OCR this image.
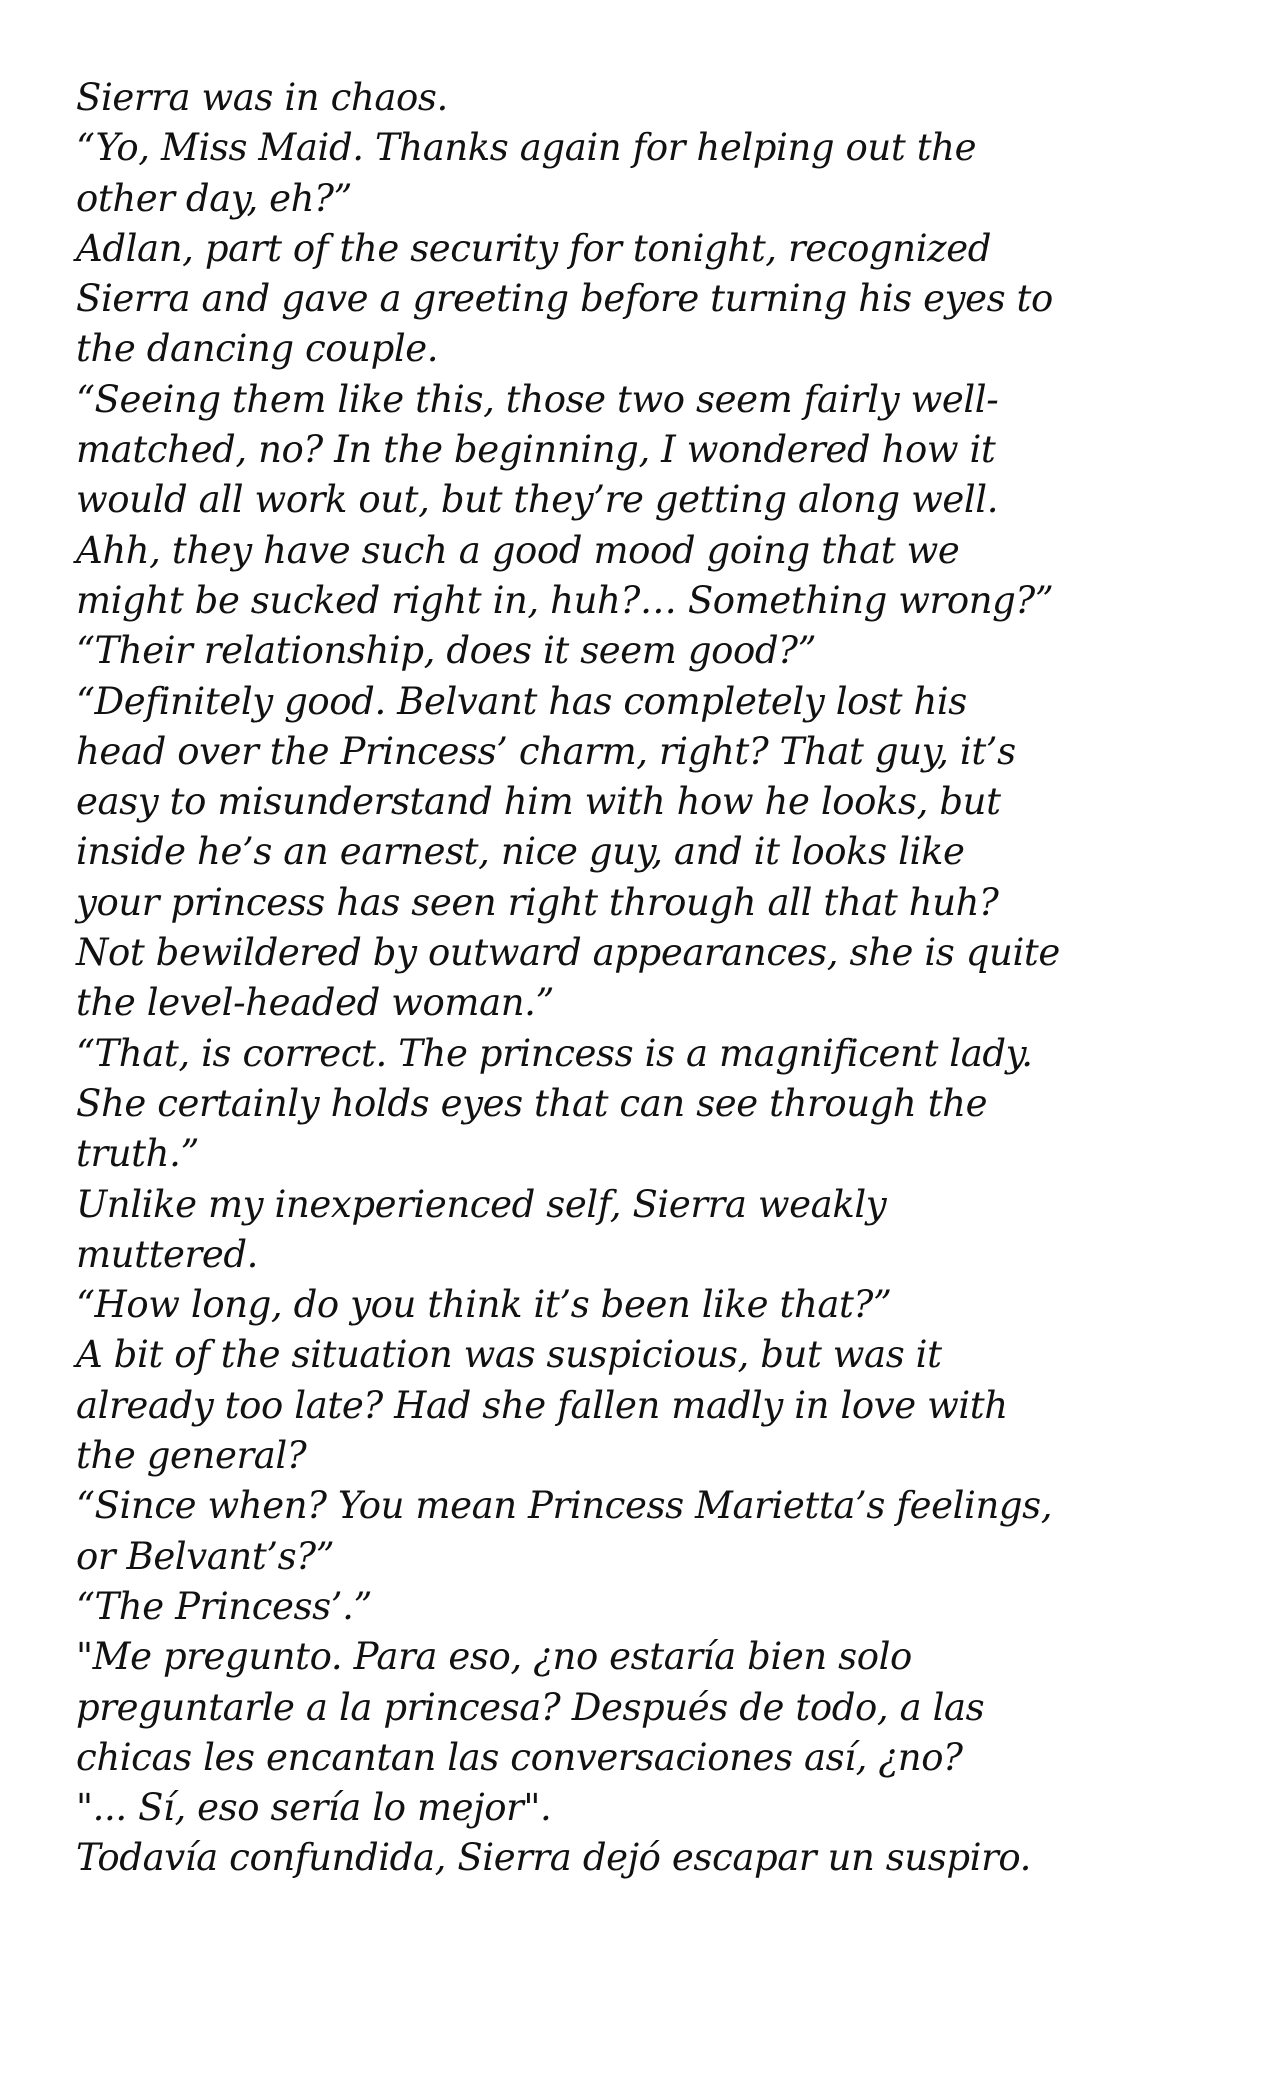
Sierra was in chaos.
“Yo, Miss Maid. Thanks again for helping out the
other day, eh?”
Adlan, part of the security for tonight, recognized
Sierra and gave a greeting before turning his eyes to
the dancing couple.
“Seeing them like this, those two seem fairly well-
matched, no? In the beginning, I wondered how it
would all work out, but they’re getting along well.
Ahh, they have such a good mood going that we
might be sucked right in, huh?… Something wrong?”
“Their relationship, does it seem good?”
“Definitely good. Belvant has completely lost his
head over the Princess’ charm, right? That guy, it’s
easy to misunderstand him with how he looks, but
inside he’s an earnest, nice guy, and it looks like
your princess has seen right through all that huh?
Not bewildered by outward appearances, she is quite
the level-headed woman.”
“That, is correct. The princess is a magnificent lady.
She certainly holds eyes that can see through the
truth.”
Unlike my inexperienced self, Sierra weakly
muttered.
“How long, do you think it’s been like that?”
A bit of the situation was suspicious, but was it
already too late? Had she fallen madly in love with
the general?
“Since when? You mean Princess Marietta’s feelings,
or Belvant’s?”
“The Princess’.”
"Me pregunto. Para eso, ¿no estaría bien solo
preguntarle a la princesa? Después de todo, a las
chicas les encantan las conversaciones así, ¿no?
"... Sí, eso sería lo mejor".
Todavía confundida, Sierra dejó escapar un suspiro.
